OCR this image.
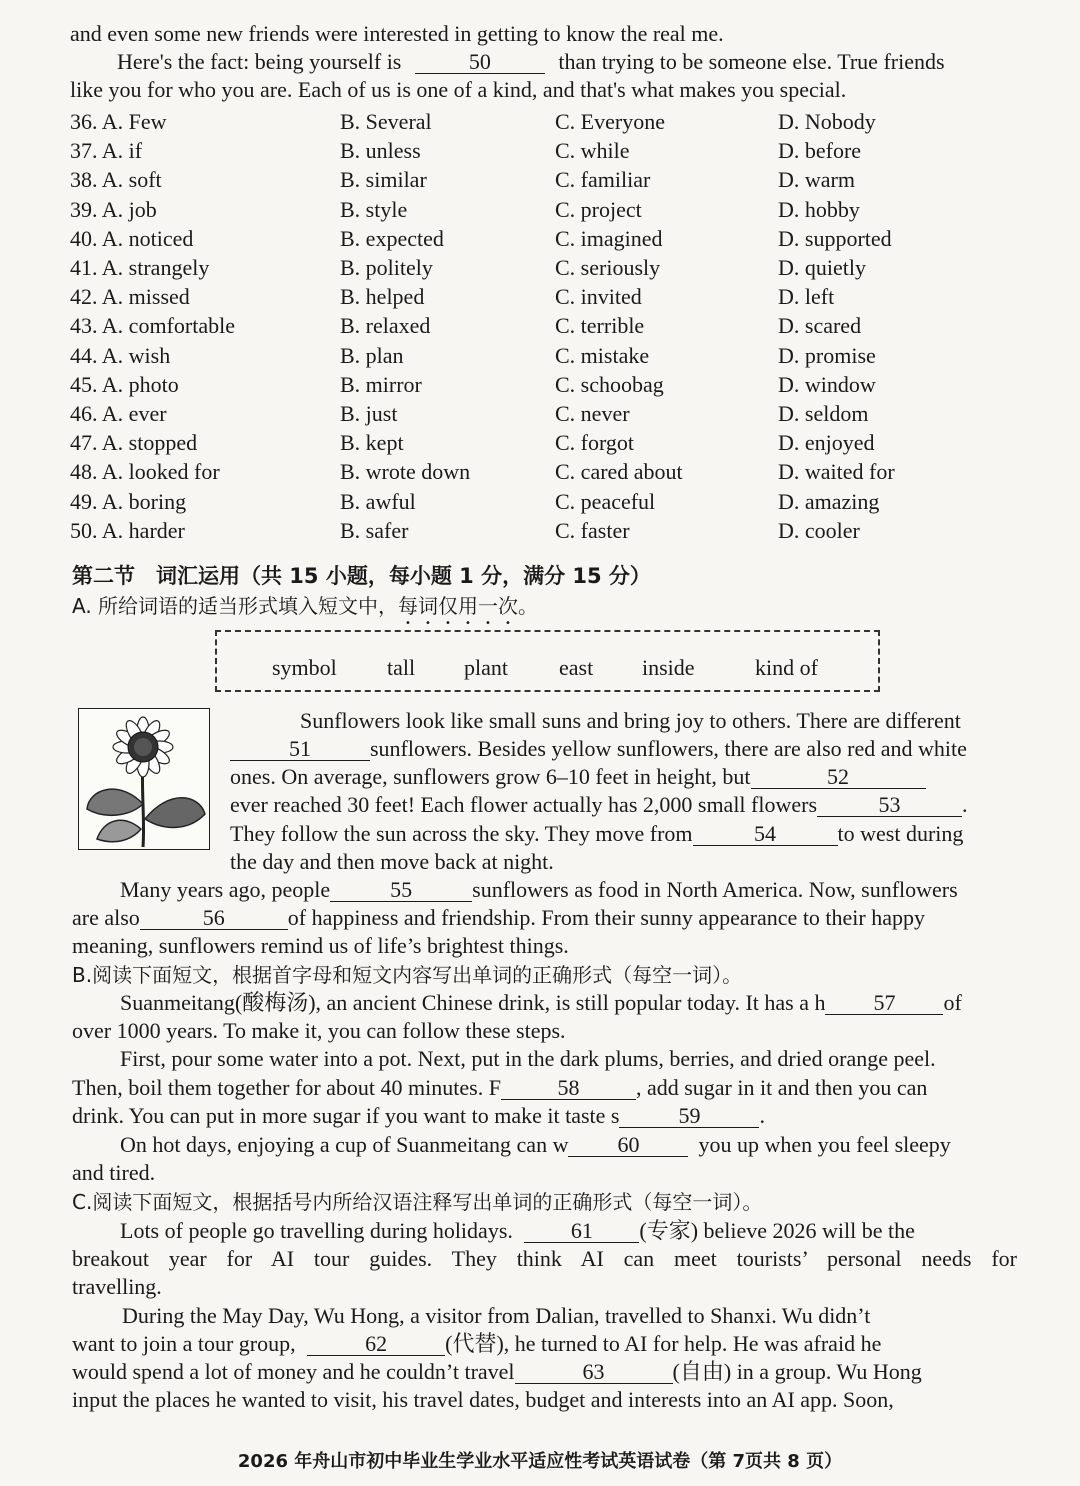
and even some new friends were interested in getting to know the real me.
Here's the fact: being yourself is	50	than trying to be someone else. True friends
like you for who you are. Each of us is one of a kind, and that's what makes you special.
36. A. Few	B. Several	C. Everyone	D. Nobody
37. A. if	B. unless	C. while	D. before
38. A. soft	B. similar	C. familiar	D. warm
39. A. job	B. style	C. project	D. hobby
40. A. noticed	B. expected	C. imagined	D. supported
41. A. strangely	B. politely	C. seriously	D. quietly
42. A. missed	B. helped	C. invited	D. left
43. A. comfortable	B. relaxed	C. terrible	D. scared
44. A. wish	B. plan	C. mistake	D. promise
45. A. photo	B. mirror	C. schoobag	D. window
46. A. ever	B. just	C. never	D. seldom
47. A. stopped	B. kept	C. forgot	D. enjoyed
48. A. looked for	B. wrote down	C. cared about	D. waited for
49. A. boring	B. awful	C. peaceful	D. amazing
50. A. harder	B. safer	C. faster	D. cooler
第二节　词汇运用（共 15 小题，每小题 1 分，满分 15 分）
A. 所给词语的适当形式填入短文中，每词仅用一次。
symbol tall plant east inside	kind of
Sunflowers look like small suns and bring joy to others. There are different
51	sunflowers. Besides yellow sunflowers, there are also red and white
ones. On average, sunflowers grow 6–10 feet in height, but	52
ever reached 30 feet! Each flower actually has 2,000 small flowers	53	.
They follow the sun across the sky. They move from	54	to west during
the day and then move back at night.
Many years ago, people	55	sunflowers as food in North America. Now, sunflowers
are also	56	of happiness and friendship. From their sunny appearance to their happy
meaning, sunflowers remind us of life’s brightest things.
B.阅读下面短文，根据首字母和短文内容写出单词的正确形式（每空一词）。
Suanmeitang(酸梅汤), an ancient Chinese drink, is still popular today. It has a h 57 of
over 1000 years. To make it, you can follow these steps.
First, pour some water into a pot. Next, put in the dark plums, berries, and dried orange peel.
Then, boil them together for about 40 minutes. F	58	, add sugar in it and then you can
drink. You can put in more sugar if you want to make it taste s	59	.
On hot days, enjoying a cup of Suanmeitang can w 60	you up when you feel sleepy
and tired.
C.阅读下面短文，根据括号内所给汉语注释写出单词的正确形式（每空一词）。
Lots of people go travelling during holidays.	61 (专家) believe 2026 will be the
breakout year for AI tour guides. They think AI can meet tourists’ personal needs for
travelling.
During the May Day, Wu Hong, a visitor from Dalian, travelled to Shanxi. Wu didn’t
want to join a tour group,	62	(代替), he turned to AI for help. He was afraid he
would spend a lot of money and he couldn’t travel	63	(自由) in a group. Wu Hong
input the places he wanted to visit, his travel dates, budget and interests into an AI app. Soon,
2026 年舟山市初中毕业生学业水平适应性考试英语试卷（第 7页共 8 页）
